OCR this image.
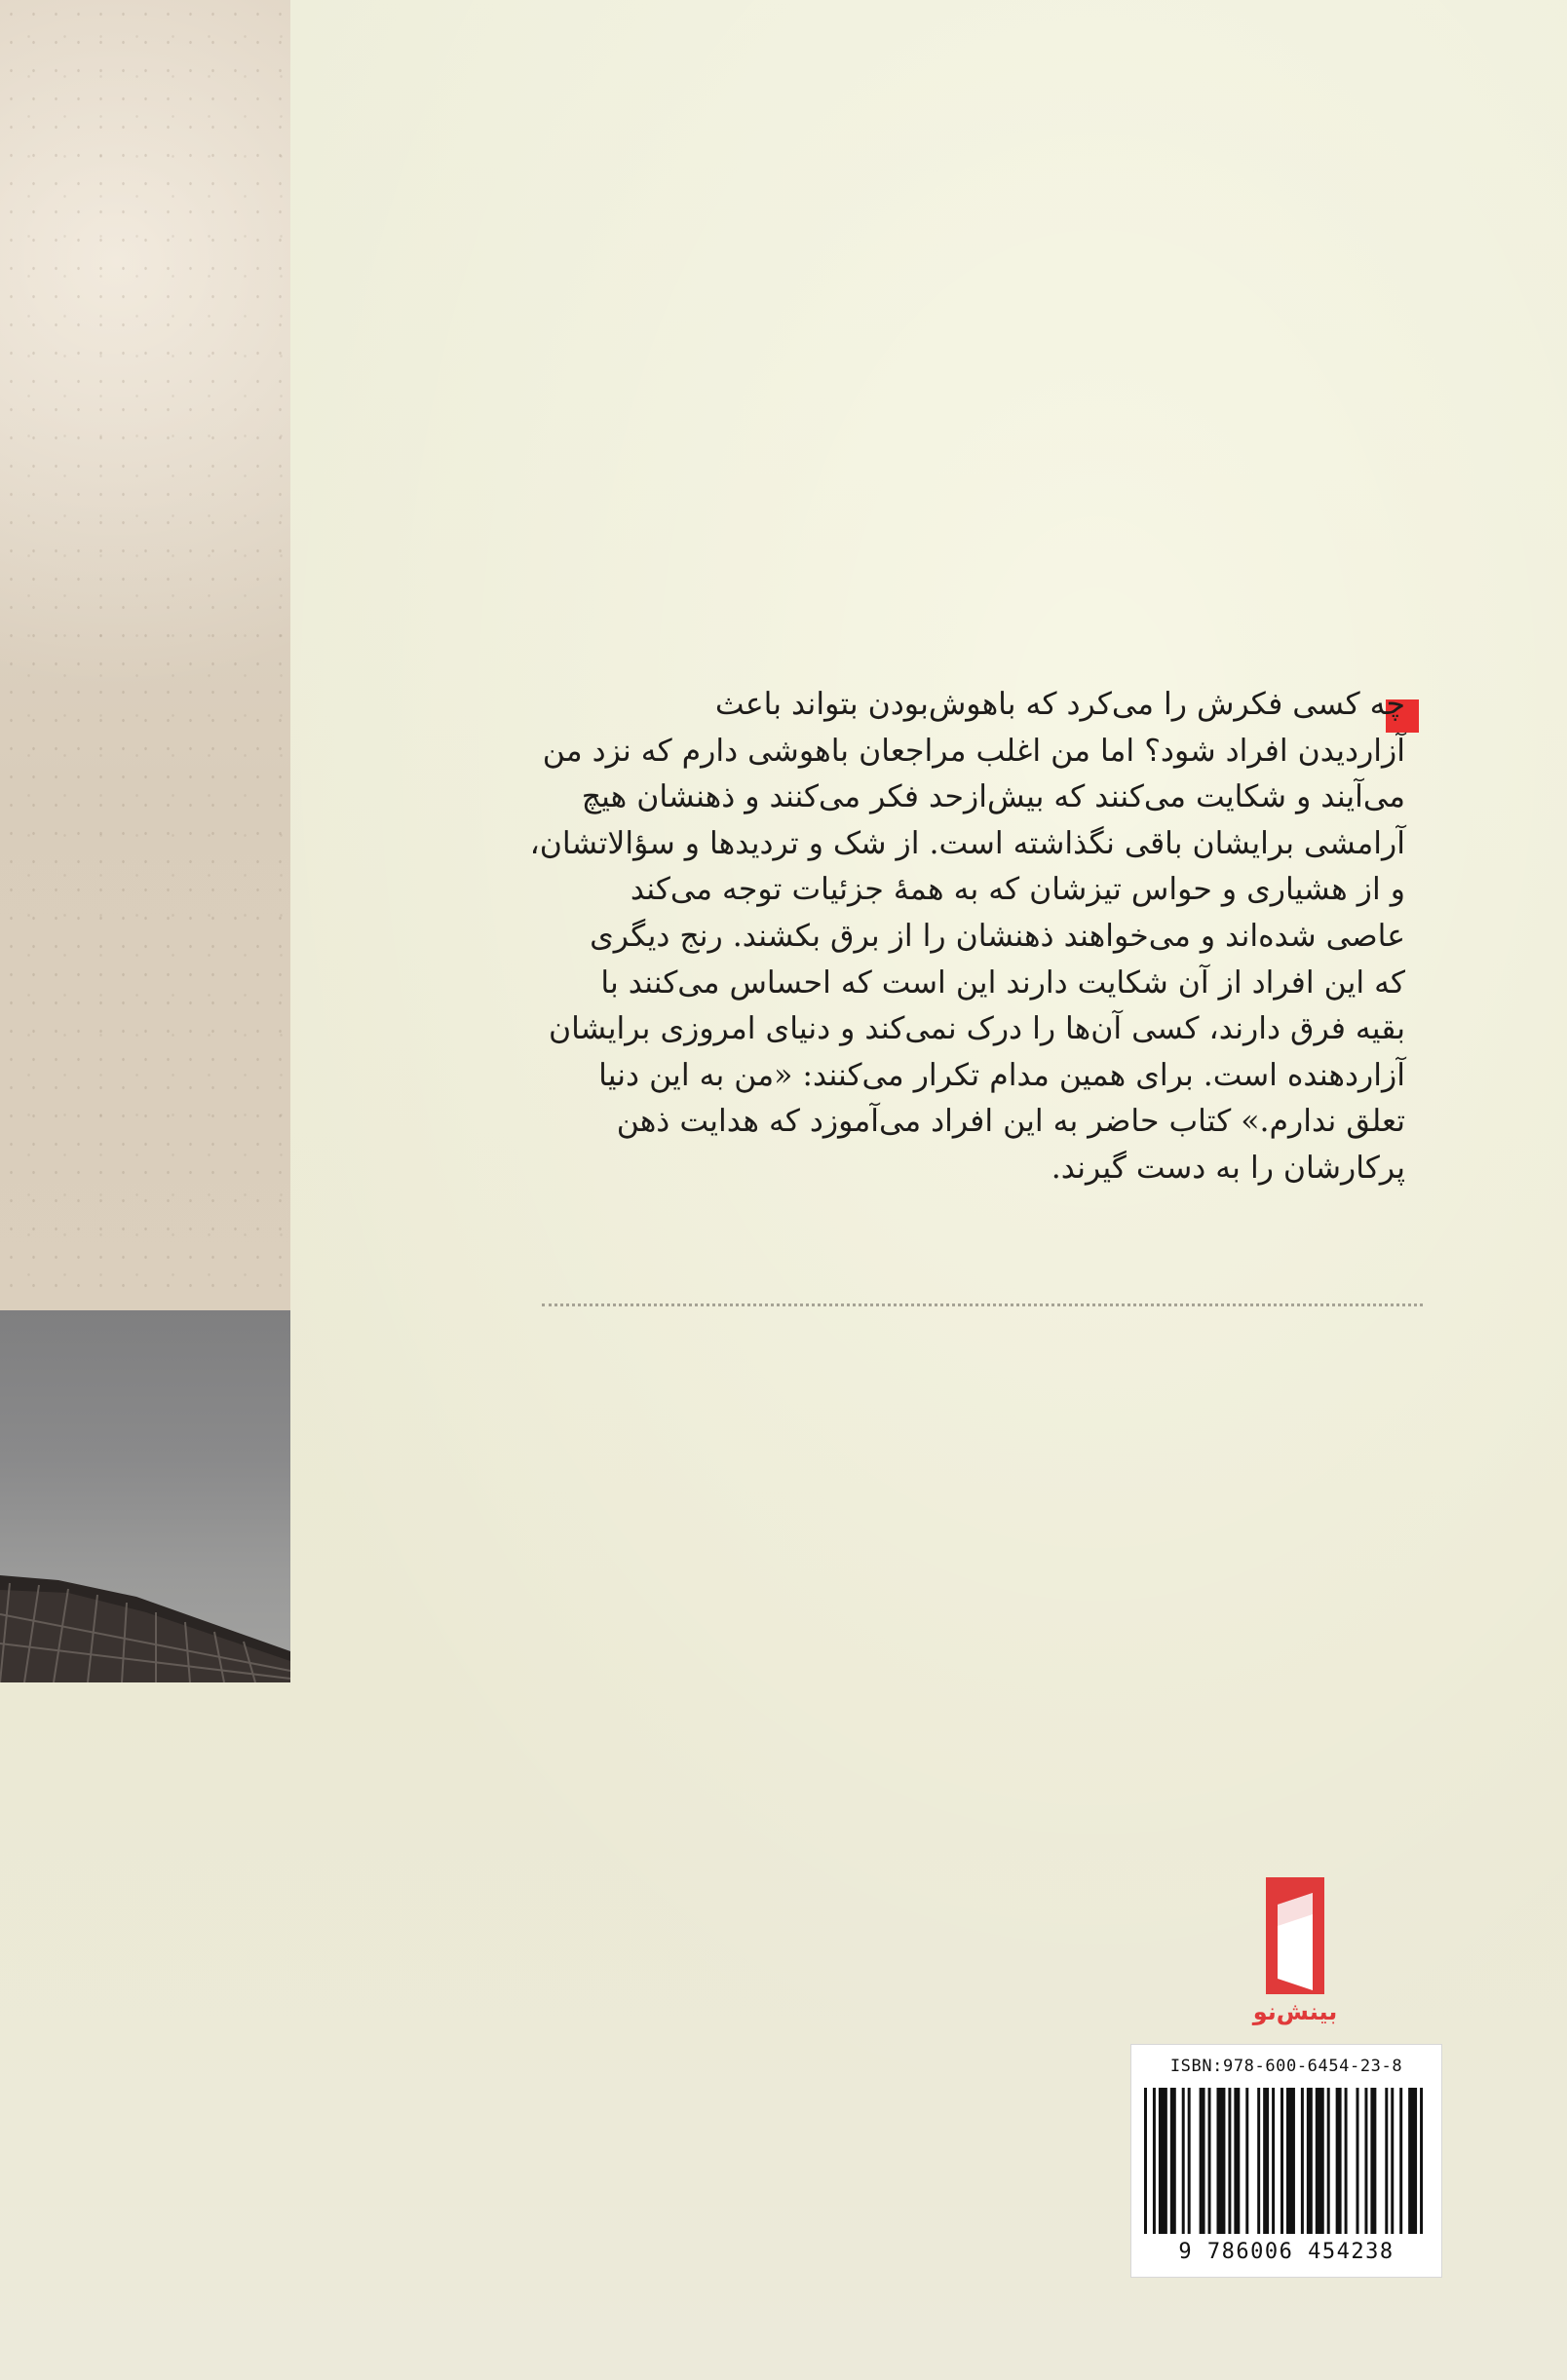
چه کسی فکرش را می‌کرد که باهوش‌بودن بتواند باعث

آزاردیدن افراد شود؟ اما من اغلب مراجعان باهوشی دارم که نزد من

می‌آیند و شکایت می‌کنند که بیش‌ازحد فکر می‌کنند و ذهنشان هیچ

آرامشی برایشان باقی نگذاشته است. از شک و تردیدها و سؤالاتشان،

و از هشیاری و حواس تیزشان که به همهٔ جزئیات توجه می‌کند

عاصی شده‌اند و می‌خواهند ذهنشان را از برق بکشند. رنج دیگری

که این افراد از آن شکایت دارند این است که احساس می‌کنند با

بقیه فرق دارند، کسی آن‌ها را درک نمی‌کند و دنیای امروزی برایشان

آزاردهنده است. برای همین مدام تکرار می‌کنند: «من به این دنیا

تعلق ندارم.» کتاب حاضر به این افراد می‌آموزد که هدایت ذهن

پرکارشان را به دست گیرند.

بینش‌نو
ISBN:978-600-6454-23-8
9 786006 454238
